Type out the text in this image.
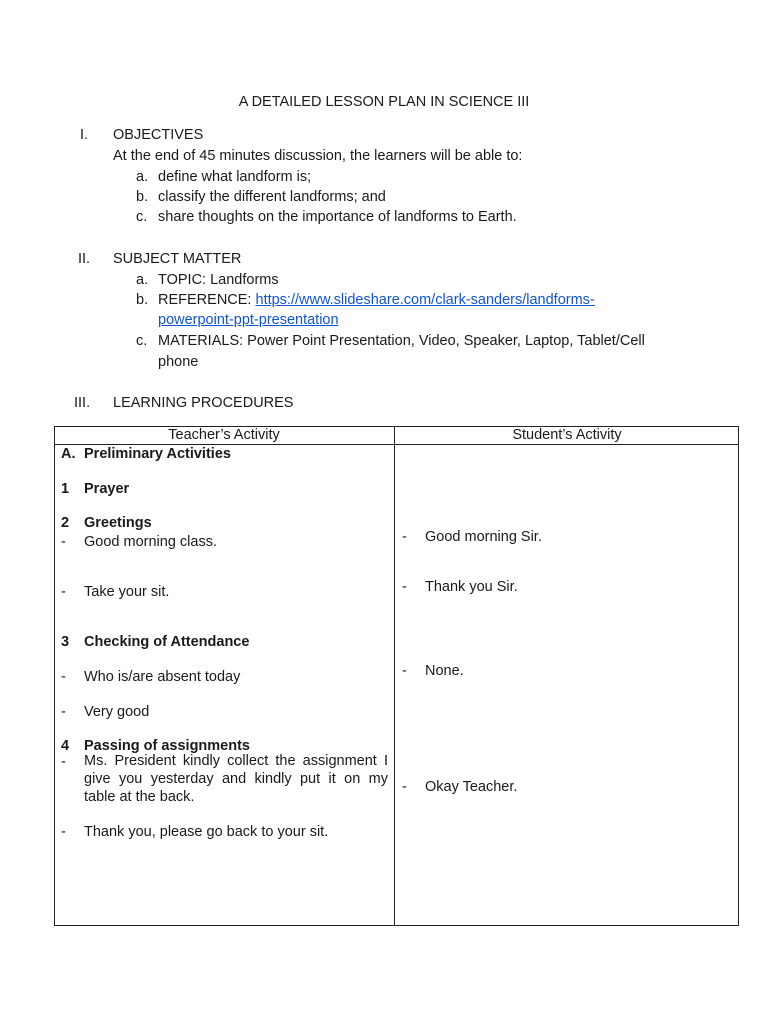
A DETAILED LESSON PLAN IN SCIENCE III
I. OBJECTIVES
At the end of 45 minutes discussion, the learners will be able to:
a. define what landform is;
b. classify the different landforms; and
c. share thoughts on the importance of landforms to Earth.
II. SUBJECT MATTER
a. TOPIC: Landforms
b. REFERENCE: https://www.slideshare.com/clark-sanders/landforms-
powerpoint-ppt-presentation
c. MATERIALS: Power Point Presentation, Video, Speaker, Laptop, Tablet/Cell
phone
III. LEARNING PROCEDURES
Teacher’s Activity	Student’s Activity
A. Preliminary Activities
1 Prayer
2 Greetings
- Good morning class.
- Take your sit.
3 Checking of Attendance
- Who is/are absent today
- Very good
4 Passing of assignments
- Ms. President kindly collect the assignment I give you yesterday and kindly put it on my table at the back.
- Thank you, please go back to your sit.
- Good morning Sir.
- Thank you Sir.
- None.
- Okay Teacher.
